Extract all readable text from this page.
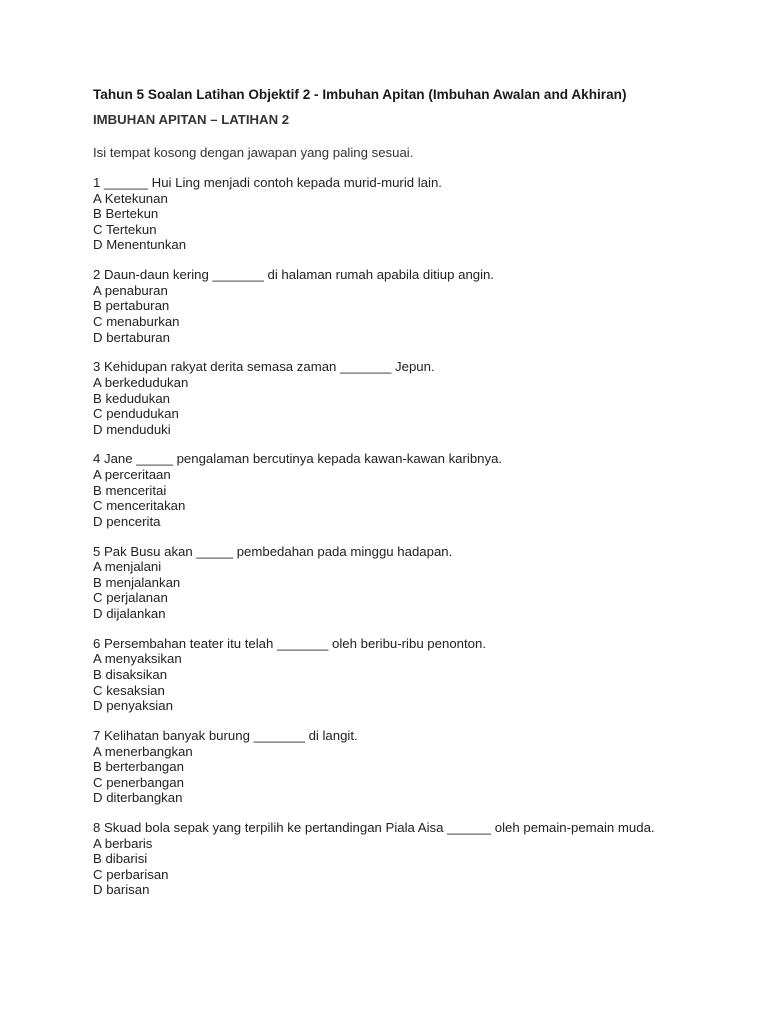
Tahun 5 Soalan Latihan Objektif 2 - Imbuhan Apitan (Imbuhan Awalan and Akhiran)
IMBUHAN APITAN – LATIHAN 2

Isi tempat kosong dengan jawapan yang paling sesuai.

1 ______ Hui Ling menjadi contoh kepada murid-murid lain.
A Ketekunan
B Bertekun
C Tertekun
D Menentunkan
2 Daun-daun kering _______ di halaman rumah apabila ditiup angin.
A penaburan
B pertaburan
C menaburkan
D bertaburan
3 Kehidupan rakyat derita semasa zaman _______ Jepun.
A berkedudukan
B kedudukan
C pendudukan
D menduduki
4 Jane _____ pengalaman bercutinya kepada kawan-kawan karibnya.
A perceritaan
B menceritai
C menceritakan
D pencerita
5 Pak Busu akan _____ pembedahan pada minggu hadapan.
A menjalani
B menjalankan
C perjalanan
D dijalankan
6 Persembahan teater itu telah _______ oleh beribu-ribu penonton.
A menyaksikan
B disaksikan
C kesaksian
D penyaksian
7 Kelihatan banyak burung _______ di langit.
A menerbangkan
B berterbangan
C penerbangan
D diterbangkan
8 Skuad bola sepak yang terpilih ke pertandingan Piala Aisa ______ oleh pemain-pemain muda.
A berbaris
B dibarisi
C perbarisan
D barisan
